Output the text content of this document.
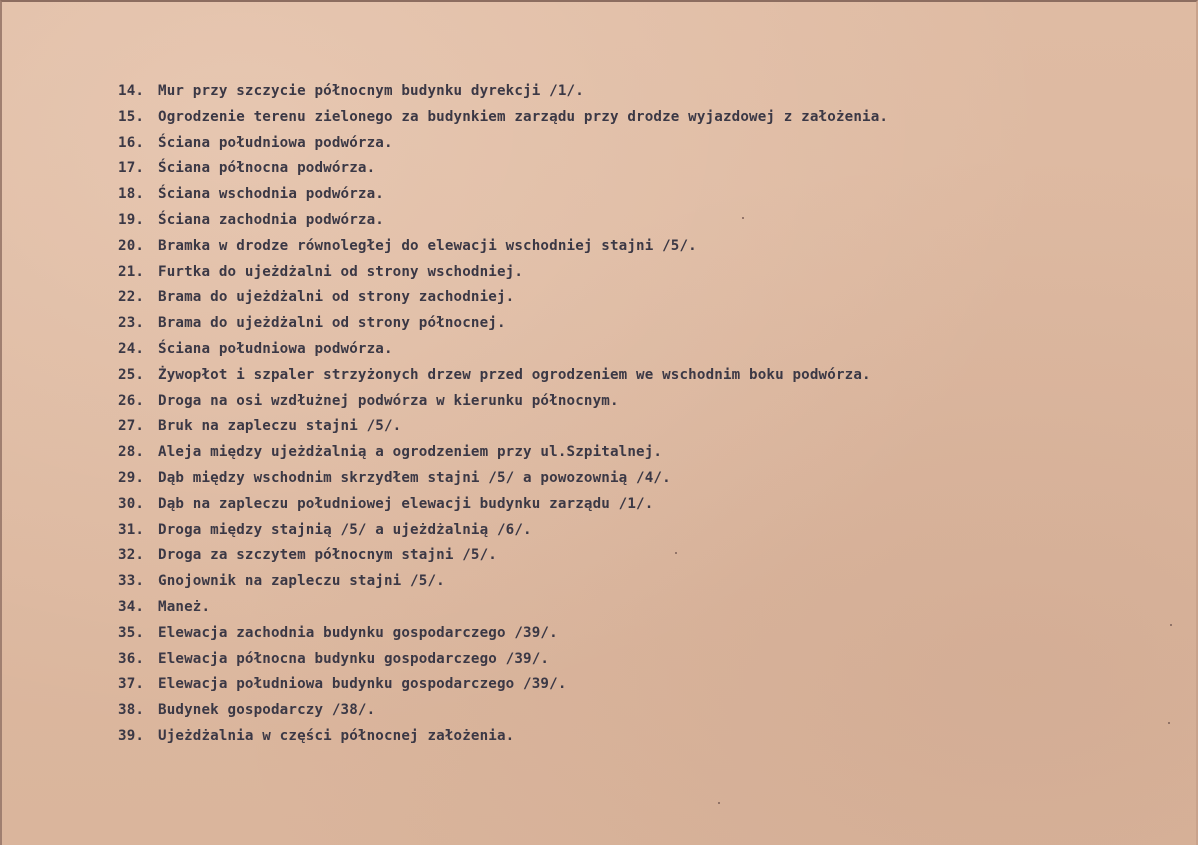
14. Mur przy szczycie północnym budynku dyrekcji /1/.
15. Ogrodzenie terenu zielonego za budynkiem zarządu przy drodze wyjazdowej z założenia.
16. Ściana południowa podwórza.
17. Ściana północna podwórza.
18. Ściana wschodnia podwórza.
19. Ściana zachodnia podwórza.
20. Bramka w drodze równoległej do elewacji wschodniej stajni /5/.
21. Furtka do ujeżdżalni od strony wschodniej.
22. Brama do ujeżdżalni od strony zachodniej.
23. Brama do ujeżdżalni od strony północnej.
24. Ściana południowa podwórza.
25. Żywopłot i szpaler strzyżonych drzew przed ogrodzeniem we wschodnim boku podwórza.
26. Droga na osi wzdłużnej podwórza w kierunku północnym.
27. Bruk na zapleczu stajni /5/.
28. Aleja między ujeżdżalnią a ogrodzeniem przy ul.Szpitalnej.
29. Dąb między wschodnim skrzydłem stajni /5/ a powozownią /4/.
30. Dąb na zapleczu południowej elewacji budynku zarządu /1/.
31. Droga między stajnią /5/ a ujeżdżalnią /6/.
32. Droga za szczytem północnym stajni /5/.
33. Gnojownik na zapleczu stajni /5/.
34. Maneż.
35. Elewacja zachodnia budynku gospodarczego /39/.
36. Elewacja północna budynku gospodarczego /39/.
37. Elewacja południowa budynku gospodarczego /39/.
38. Budynek gospodarczy /38/.
39. Ujeżdżalnia w części północnej założenia.
